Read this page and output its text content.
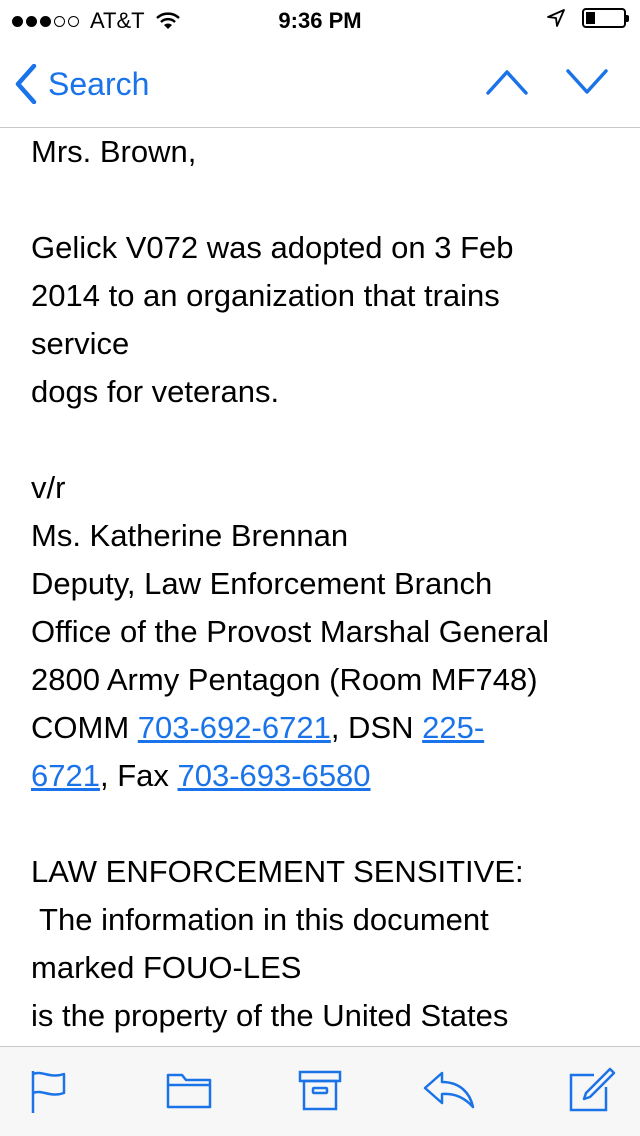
AT&T	9:36 PM
Search

Mrs. Brown,

Gelick V072 was adopted on 3 Feb

2014 to an organization that trains

service

dogs for veterans.

v/r

Ms. Katherine Brennan

Deputy, Law Enforcement Branch

Office of the Provost Marshal General

2800 Army Pentagon (Room MF748)

COMM 703-692-6721, DSN 225-

6721, Fax 703-693-6580

LAW ENFORCEMENT SENSITIVE:

The information in this document

marked FOUO-LES

is the property of the United States
